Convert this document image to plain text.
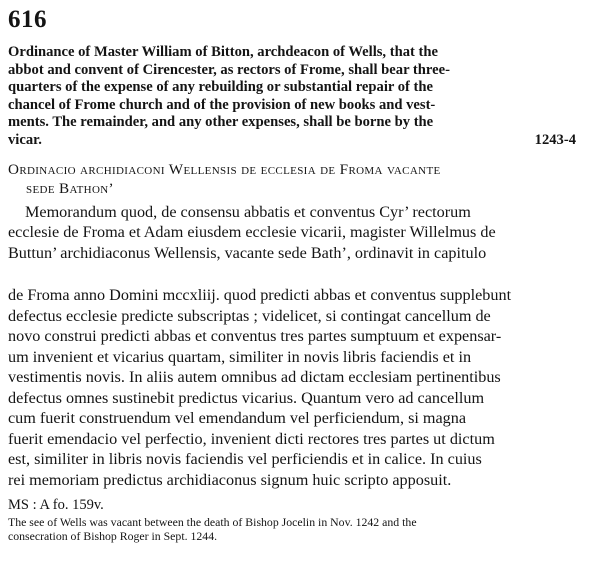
616
Ordinance of Master William of Bitton, archdeacon of Wells, that the
abbot and convent of Cirencester, as rectors of Frome, shall bear three-
quarters of the expense of any rebuilding or substantial repair of the
chancel of Frome church and of the provision of new books and vest-
ments. The remainder, and any other expenses, shall be borne by the
vicar.	1243-4
Ordinacio archidiaconi Wellensis de ecclesia de Froma vacante
sede Bathon’
Memorandum quod, de consensu abbatis et conventus Cyr’ rectorum
ecclesie de Froma et Adam eiusdem ecclesie vicarii, magister Willelmus de
Buttun’ archidiaconus Wellensis, vacante sede Bath’, ordinavit in capitulo
de Froma anno Domini mccxliij. quod predicti abbas et conventus supplebunt
defectus ecclesie predicte subscriptas ; videlicet, si contingat cancellum de
novo construi predicti abbas et conventus tres partes sumptuum et expensar-
um invenient et vicarius quartam, similiter in novis libris faciendis et in
vestimentis novis. In aliis autem omnibus ad dictam ecclesiam pertinentibus
defectus omnes sustinebit predictus vicarius. Quantum vero ad cancellum
cum fuerit construendum vel emendandum vel perficiendum, si magna
fuerit emendacio vel perfectio, invenient dicti rectores tres partes ut dictum
est, similiter in libris novis faciendis vel perficiendis et in calice. In cuius
rei memoriam predictus archidiaconus signum huic scripto apposuit.
MS : A fo. 159v.
The see of Wells was vacant between the death of Bishop Jocelin in Nov. 1242 and the
consecration of Bishop Roger in Sept. 1244.
